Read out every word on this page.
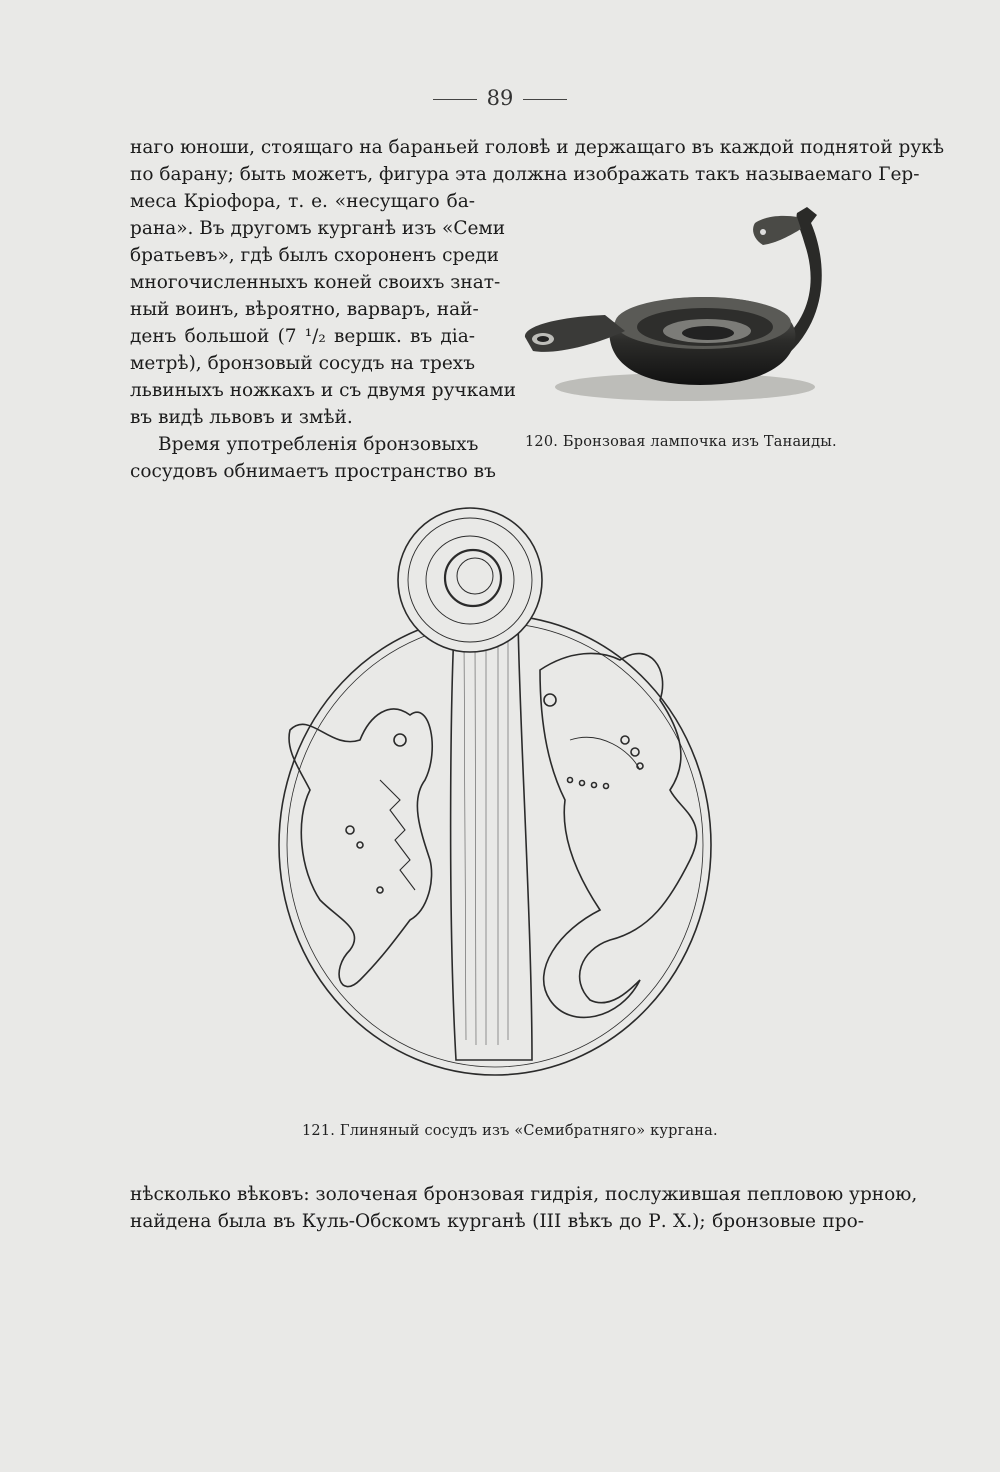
89
наго юноши, стоящаго на бараньей головѣ и держащаго въ каждой поднятой рукѣ
по барану; быть можетъ, фигура эта должна изображать такъ называемаго Гер-
меса Кріофора, т. е. «несущаго ба-
рана». Въ другомъ курганѣ изъ «Семи
братьевъ», гдѣ былъ схороненъ среди
многочисленныхъ коней своихъ знат-
ный воинъ, вѣроятно, варваръ, най-
денъ большой (7 ¹/₂ вершк. въ діа-
метрѣ), бронзовый сосудъ на трехъ
львиныхъ ножкахъ и съ двумя ручками
въ видѣ львовъ и змѣй.
Время употребленія бронзовыхъ
сосудовъ обнимаетъ пространство въ
120. Бронзовая лампочка изъ Танаиды.
121. Глиняный сосудъ изъ «Семибратняго» кургана.
нѣсколько вѣковъ: золоченая бронзовая гидрія, послужившая пепловою урною,
найдена была въ Куль-Обскомъ курганѣ (III вѣкъ до Р. Х.); бронзовые про-
